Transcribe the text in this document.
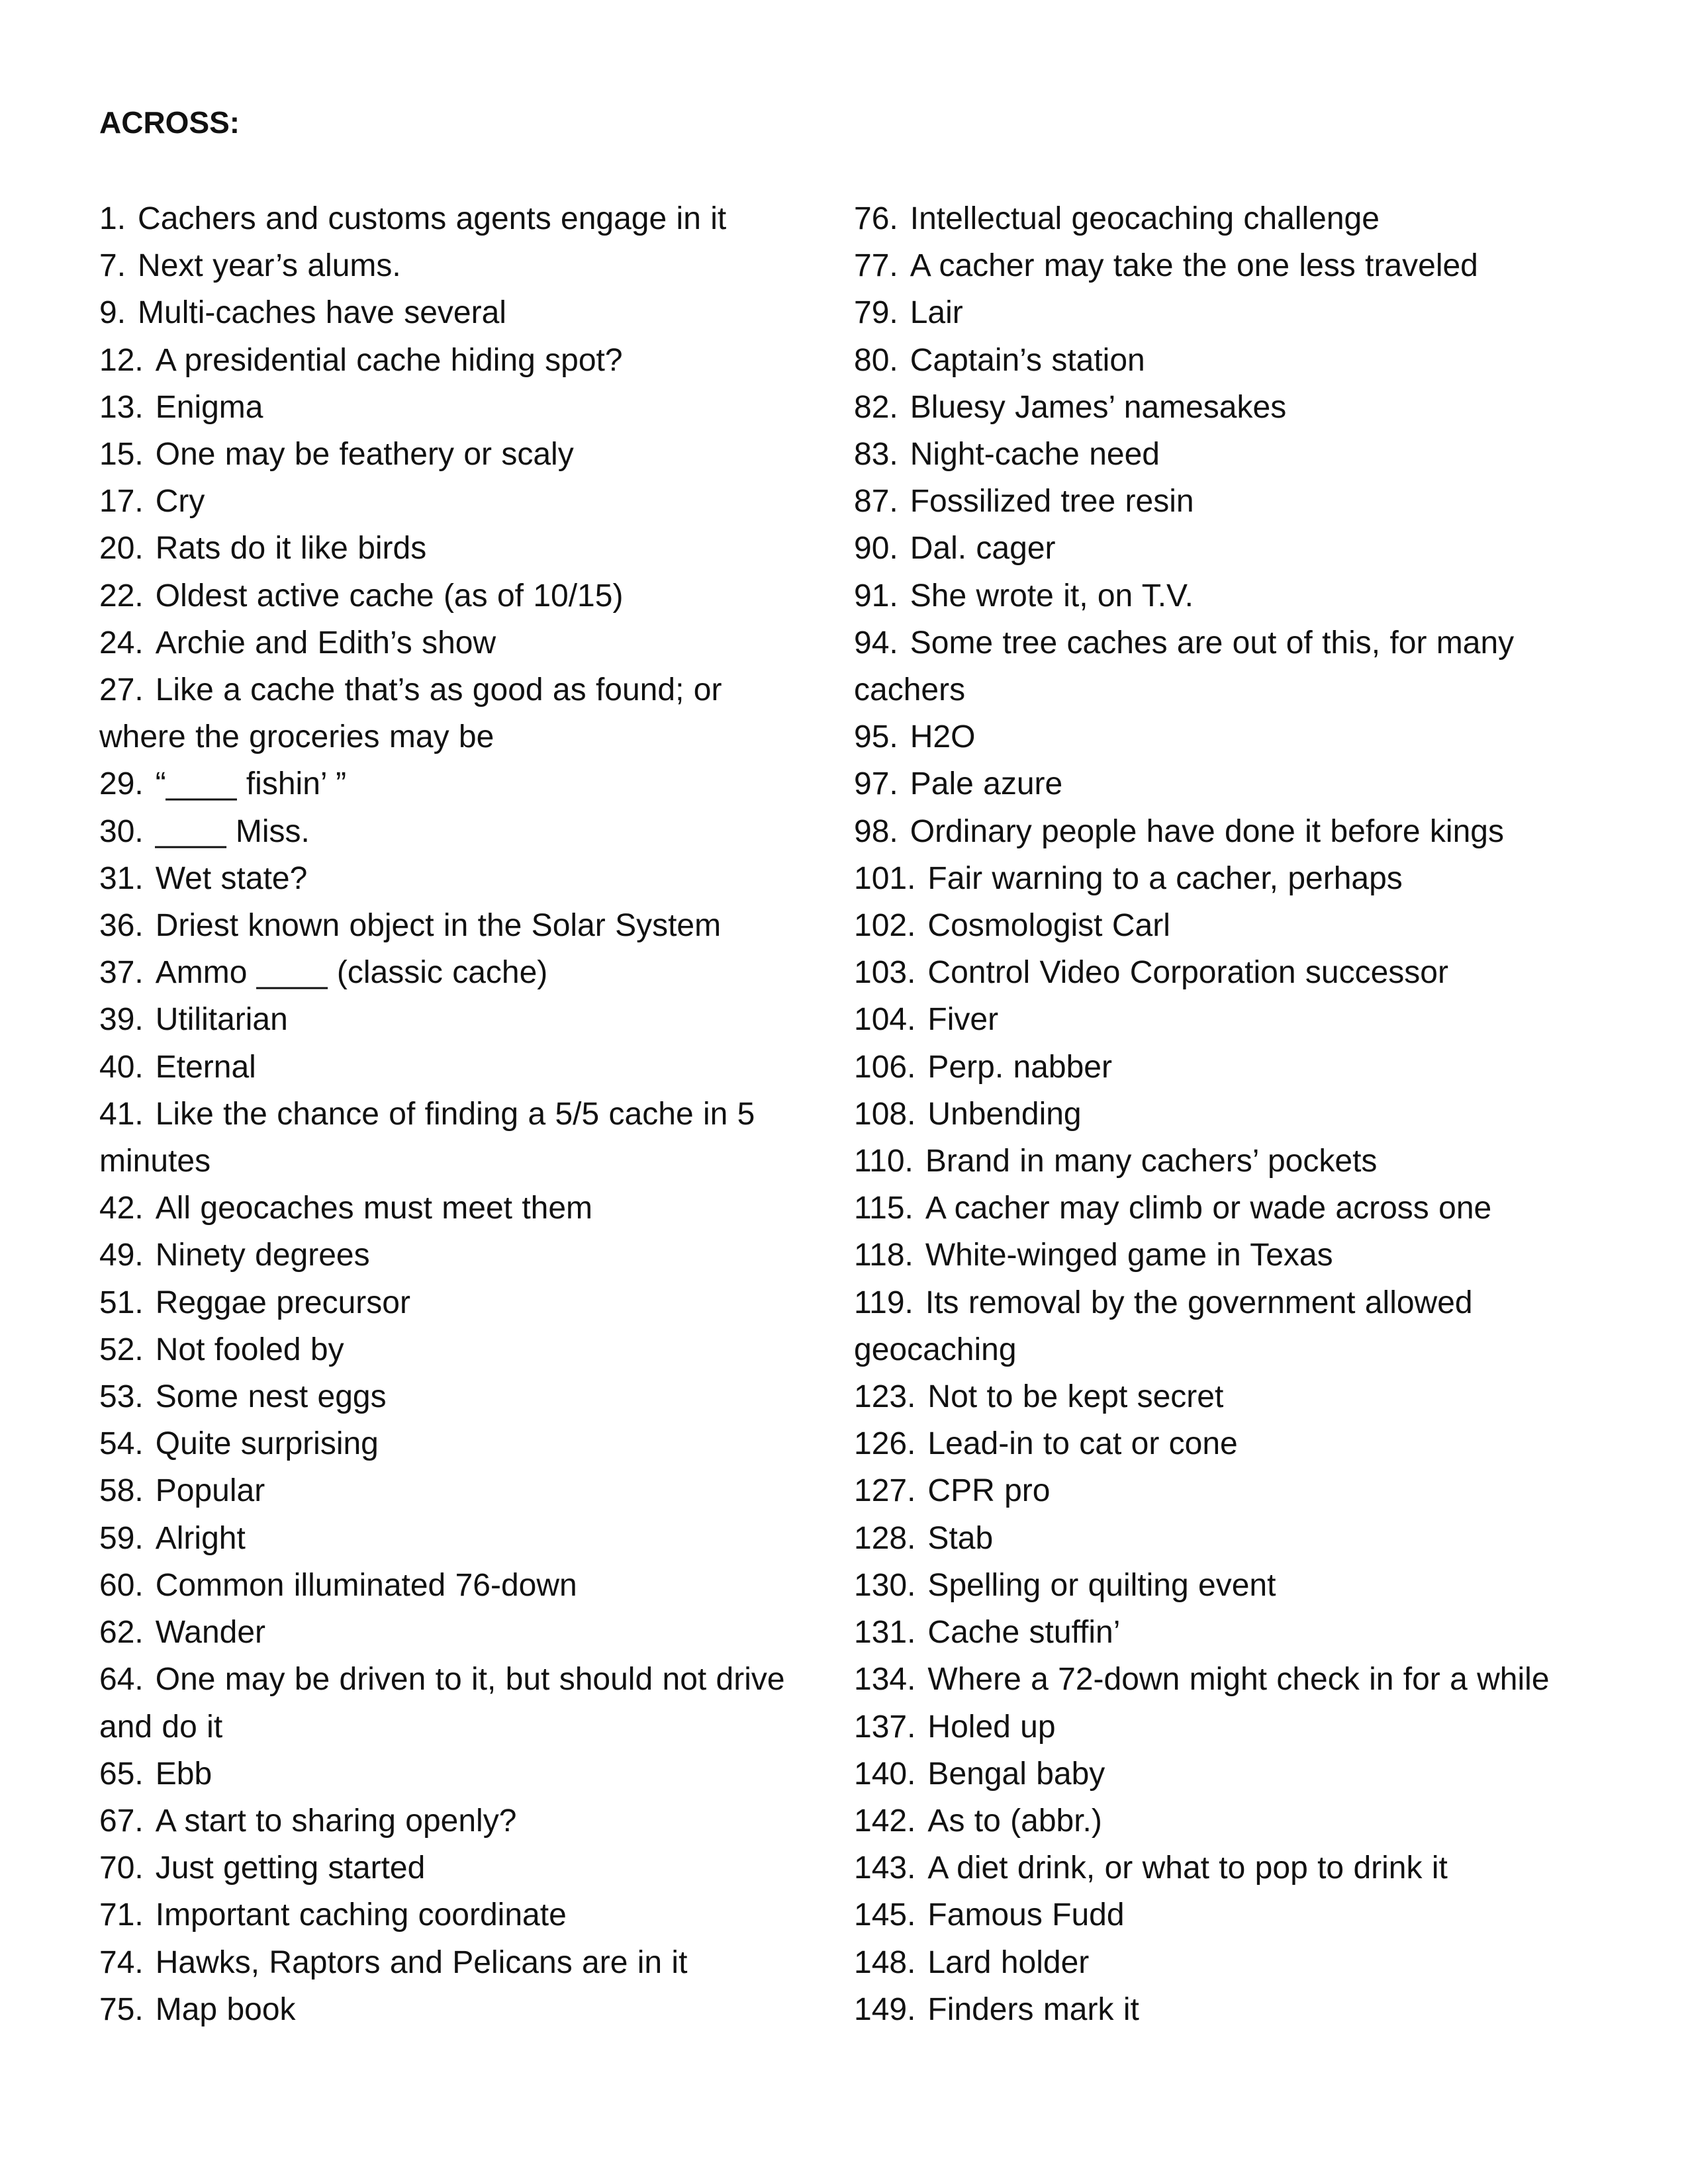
ACROSS:
1. Cachers and customs agents engage in it
7. Next year’s alums.
9. Multi-caches have several
12. A presidential cache hiding spot?
13. Enigma
15. One may be feathery or scaly
17. Cry
20. Rats do it like birds
22. Oldest active cache (as of 10/15)
24. Archie and Edith’s show
27. Like a cache that’s as good as found; or where the groceries may be
29. “____ fishin’ ”
30. ____ Miss.
31. Wet state?
36. Driest known object in the Solar System
37. Ammo ____ (classic cache)
39. Utilitarian
40. Eternal
41. Like the chance of finding a 5/5 cache in 5 minutes
42. All geocaches must meet them
49. Ninety degrees
51. Reggae precursor
52. Not fooled by
53. Some nest eggs
54. Quite surprising
58. Popular
59. Alright
60. Common illuminated 76-down
62. Wander
64. One may be driven to it, but should not drive and do it
65. Ebb
67. A start to sharing openly?
70. Just getting started
71. Important caching coordinate
74. Hawks, Raptors and Pelicans are in it
75. Map book
76. Intellectual geocaching challenge
77. A cacher may take the one less traveled
79. Lair
80. Captain’s station
82. Bluesy James’ namesakes
83. Night-cache need
87. Fossilized tree resin
90. Dal. cager
91. She wrote it, on T.V.
94. Some tree caches are out of this, for many cachers
95. H2O
97. Pale azure
98. Ordinary people have done it before kings
101. Fair warning to a cacher, perhaps
102. Cosmologist Carl
103. Control Video Corporation successor
104. Fiver
106. Perp. nabber
108. Unbending
110. Brand in many cachers’ pockets
115. A cacher may climb or wade across one
118. White-winged game in Texas
119. Its removal by the government allowed geocaching
123. Not to be kept secret
126. Lead-in to cat or cone
127. CPR pro
128. Stab
130. Spelling or quilting event
131. Cache stuffin’
134. Where a 72-down might check in for a while
137. Holed up
140. Bengal baby
142. As to (abbr.)
143. A diet drink, or what to pop to drink it
145. Famous Fudd
148. Lard holder
149. Finders mark it
